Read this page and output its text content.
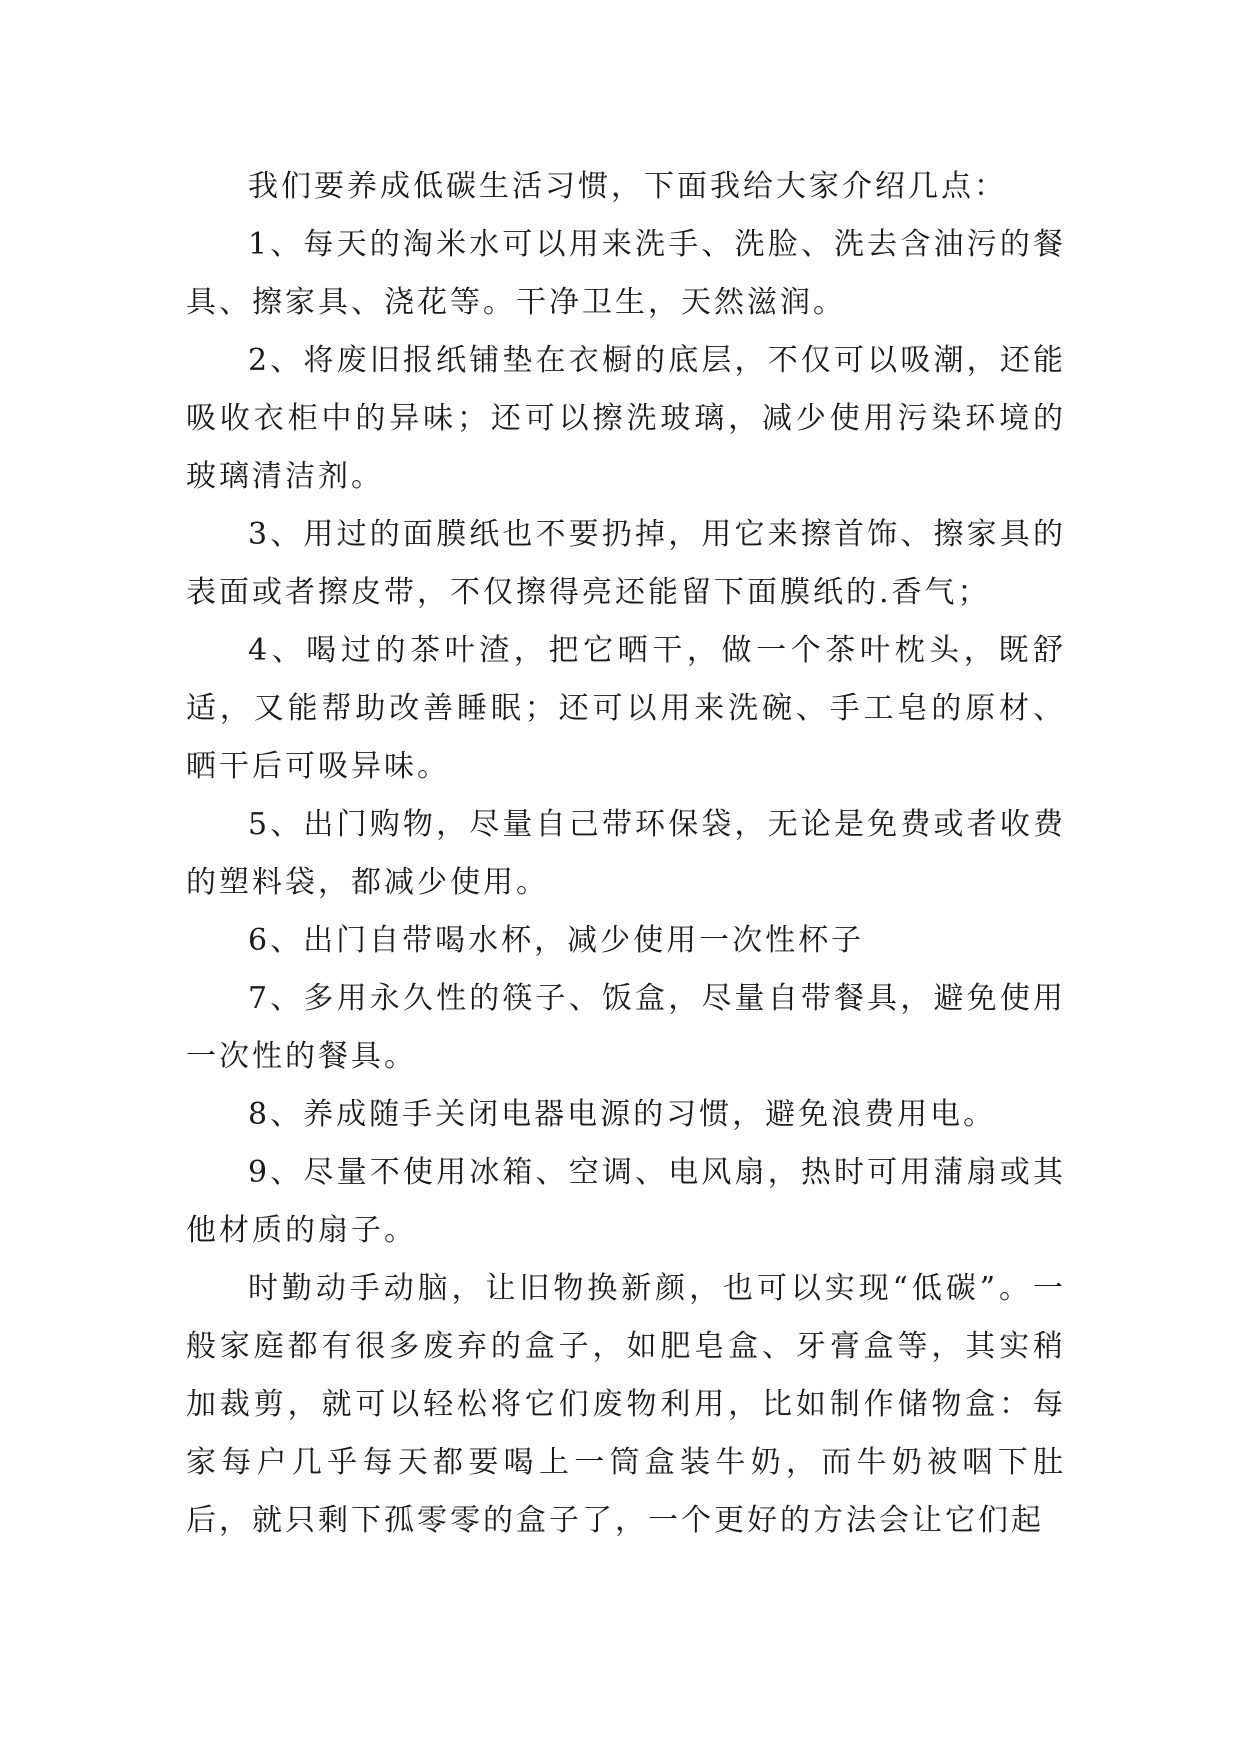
我们要养成低碳生活习惯，下面我给大家介绍几点：

1、每天的淘米水可以用来洗手、洗脸、洗去含油污的餐具、擦家具、浇花等。干净卫生，天然滋润。

2、将废旧报纸铺垫在衣橱的底层，不仅可以吸潮，还能吸收衣柜中的异味；还可以擦洗玻璃，减少使用污染环境的玻璃清洁剂。

3、用过的面膜纸也不要扔掉，用它来擦首饰、擦家具的表面或者擦皮带，不仅擦得亮还能留下面膜纸的.香气；

4、喝过的茶叶渣，把它晒干，做一个茶叶枕头，既舒适，又能帮助改善睡眠；还可以用来洗碗、手工皂的原材、晒干后可吸异味。

5、出门购物，尽量自己带环保袋，无论是免费或者收费的塑料袋，都减少使用。

6、出门自带喝水杯，减少使用一次性杯子

7、多用永久性的筷子、饭盒，尽量自带餐具，避免使用一次性的餐具。

8、养成随手关闭电器电源的习惯，避免浪费用电。

9、尽量不使用冰箱、空调、电风扇，热时可用蒲扇或其他材质的扇子。

时勤动手动脑，让旧物换新颜，也可以实现“低碳”。一般家庭都有很多废弃的盒子，如肥皂盒、牙膏盒等，其实稍加裁剪，就可以轻松将它们废物利用，比如制作储物盒：每家每户几乎每天都要喝上一筒盒装牛奶，而牛奶被咽下肚后，就只剩下孤零零的盒子了，一个更好的方法会让它们起
